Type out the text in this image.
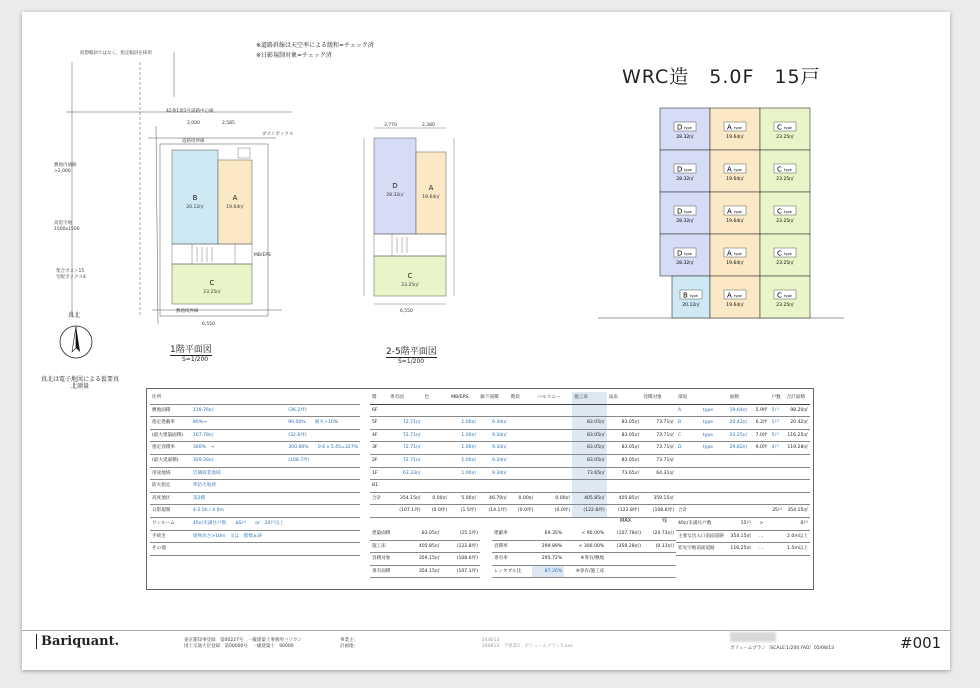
※道路斜線は天空率による緩和=チェック済
※日影規制対象=チェック済
WRC造　5.0F　15戸
仮想幅員ではなく、指定幅員を採用
42条1項1号道路中心線
ダストボックス
敷地内通路
>2,000
高窓空地
1500x1500
集合ポスト15
宅配ボックス4
MB/EPS
敷地境界線
道路境界線
2,000	2,585
6,550
B	A
C
20.12㎡	19.64㎡
23.25㎡
1階平面図
S=1/200
3,770	2,380
6,550
D	A
C
28.32㎡	19.64㎡
23.25㎡
2-5階平面図
S=1/200
真北
真北は電子地図による仮要真北測量
D type
28.32㎡
A type
19.64㎡
C type
23.25㎡
D type
28.32㎡
A type
19.64㎡
C type
23.25㎡
D type
28.32㎡
A type
19.64㎡
C type
23.25㎡
D type
28.32㎡
A type
19.64㎡
C type
23.25㎡
B type
20.12㎡
A type
19.64㎡
C type
23.25㎡
住所		
敷地面積	119.76㎡	(36.2坪)
指定建蔽率	80%→	90.00%　　耐火+10%
(最大建築面積)	107.78㎡	(32.6坪)
指定容積率	300%　→	300.00%　　0.6 x 5.45=327%
(最大延面積)	359.28㎡	(108.7坪)
用途地域	近隣商業地域	
防火指定	準防火地域	
高度地区	第2種	
日影規制	4-2.5h / 4.0m	
ワンルーム	40㎡未満住戸数　　ΔS戸　　or　20戸以上	
手続き	建物高さ>10m　又は　階数≥3F	
その他		
階	専有面	色	MB/EPS	廊下面積	階段	バルコニー	施工床	法床	容積対象
6F									
5F	72.71㎡		1.00㎡	9.34㎡			83.05㎡	83.05㎡	73.71㎡
4F	72.71㎡		1.00㎡	9.34㎡			83.05㎡	83.05㎡	73.71㎡
3F	72.71㎡		1.00㎡	9.34㎡			83.05㎡	83.05㎡	73.71㎡
2F	72.71㎡		1.00㎡	9.34㎡			83.05㎡	83.05㎡	73.71㎡
1F	63.33㎡		1.00㎡	9.34㎡			73.65㎡	73.65㎡	64.31㎡
B1									
合計	354.15㎡	0.00㎡	5.00㎡	46.70㎡	0.00㎡	0.00㎡	405.85㎡	405.85㎡	359.15㎡
	(107.1坪)	(0.0坪)	(1.5坪)	(14.1坪)	(0.0坪)	(0.0坪)	(122.8坪)	(122.8坪)	(108.6坪)
MAX	残
建築面積	83.05㎡	(25.1坪)
施工床	405.85㎡	(122.8坪)
容積対象	359.15㎡	(108.6坪)
専有面積	354.15㎡	(107.1坪)
建蔽率	69.35%	< 90.00%	(107.78㎡)	(24.73㎡)
容積率	299.89%	< 300.00%	(359.28㎡)	(0.13㎡)
専有率	295.72%	※専有/敷地		
レンタブル比	87.26%	※専有/施工床		
部屋		面積		戸数	合計面積
A	type	19.64㎡	5.9坪	5戸	98.20㎡
B	type	20.42㎡	6.2坪	1戸	20.42㎡
C	type	23.25㎡	7.0坪	5戸	116.25㎡
D	type	29.82㎡	9.0坪	4戸	119.28㎡

合計				35戸	354.15㎡
40㎡未満住戸数		15戸	>	6戸	
主要な出入口前面道路		354.15㎡	…	2.0m以上	
窓先空地前面道路		116.25㎡	…	1.5m以上	
Bariquant.	東京都知事登録　第00227号　一級建築士事務所バリカン
国土交通大臣登録　第00000号　一級建築士　00000
事業主:
計画地:
24/8/13
240813　予算書2　ボリュームプラン1.xxx	ボリュームプラン〔SCALE:1/200 FAD〕05/08/13	#001
